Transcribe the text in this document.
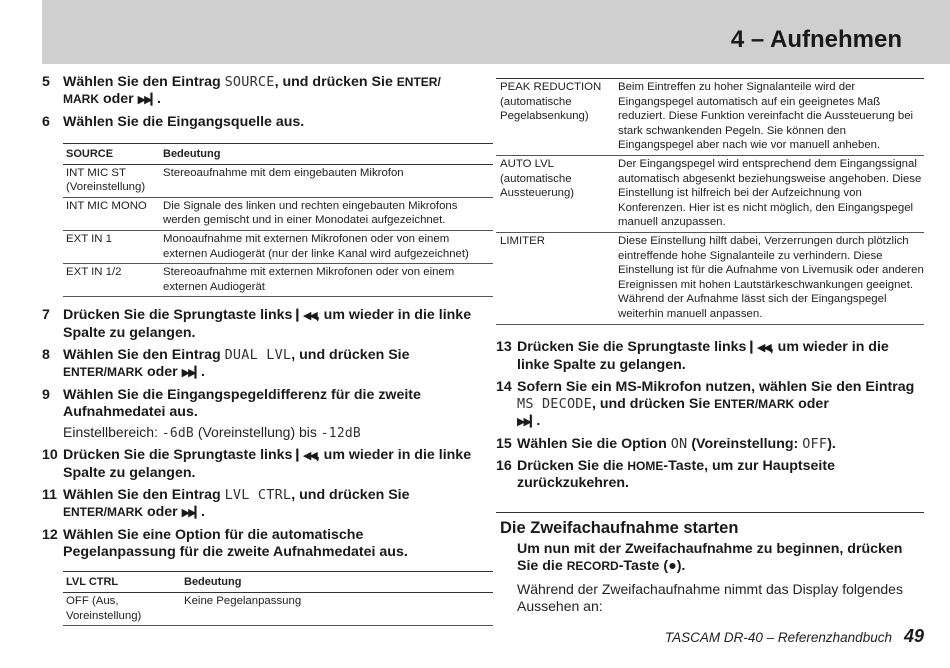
4 – Aufnehmen
5 Wählen Sie den Eintrag SOURCE, und drücken Sie ENTER/
MARK oder ▶▶▎.
6 Wählen Sie die Eingangsquelle aus.
SOURCE	Bedeutung
INT MIC ST (Voreinstellung)	Stereoaufnahme mit dem eingebauten Mikrofon
INT MIC MONO	Die Signale des linken und rechten eingebauten Mikrofons werden gemischt und in einer Monodatei aufgezeichnet.
EXT IN 1	Monoaufnahme mit externen Mikrofonen oder von einem externen Audiogerät (nur der linke Kanal wird aufgezeichnet)
EXT IN 1/2	Stereoaufnahme mit externen Mikrofonen oder von einem externen Audiogerät
7 Drücken Sie die Sprungtaste links ▎◀◀, um wieder in die linke Spalte zu gelangen.
8 Wählen Sie den Eintrag DUAL LVL, und drücken Sie
ENTER/MARK oder ▶▶▎.
9 Wählen Sie die Eingangspegeldifferenz für die zweite Aufnahmedatei aus.
Einstellbereich: -6dB (Voreinstellung) bis -12dB
10 Drücken Sie die Sprungtaste links ▎◀◀, um wieder in die linke Spalte zu gelangen.
11 Wählen Sie den Eintrag LVL CTRL, und drücken Sie
ENTER/MARK oder ▶▶▎.
12 Wählen Sie eine Option für die automatische Pegelanpassung für die zweite Aufnahmedatei aus.
LVL CTRL	Bedeutung
OFF (Aus, Voreinstellung)	Keine Pegelanpassung
PEAK REDUCTION (automatische Pegelabsenkung)	Beim Eintreffen zu hoher Signalanteile wird der Eingangspegel automatisch auf ein geeignetes Maß reduziert. Diese Funktion vereinfacht die Aussteuerung bei stark schwankenden Pegeln. Sie können den Eingangspegel aber nach wie vor manuell anheben.
AUTO LVL (automatische Aussteuerung)	Der Eingangspegel wird entsprechend dem Eingangssignal automatisch abgesenkt beziehungsweise angehoben. Diese Einstellung ist hilfreich bei der Aufzeichnung von Konferenzen. Hier ist es nicht möglich, den Eingangspegel manuell anzupassen.
LIMITER	Diese Einstellung hilft dabei, Verzerrungen durch plötzlich eintreffende hohe Signalanteile zu verhindern. Diese Einstellung ist für die Aufnahme von Livemusik oder anderen Ereignissen mit hohen Lautstärkeschwankungen geeignet. Während der Aufnahme lässt sich der Eingangspegel weiterhin manuell anpassen.
13 Drücken Sie die Sprungtaste links ▎◀◀, um wieder in die linke Spalte zu gelangen.
14 Sofern Sie ein MS-Mikrofon nutzen, wählen Sie den Eintrag MS DECODE, und drücken Sie ENTER/MARK oder
▶▶▎.
15 Wählen Sie die Option ON (Voreinstellung: OFF).
16 Drücken Sie die HOME-Taste, um zur Hauptseite zurückzukehren.
Die Zweifachaufnahme starten
Um nun mit der Zweifachaufnahme zu beginnen, drücken Sie die RECORD-Taste (●).
Während der Zweifachaufnahme nimmt das Display folgendes Aussehen an:
TASCAM DR-40 – Referenzhandbuch 49
